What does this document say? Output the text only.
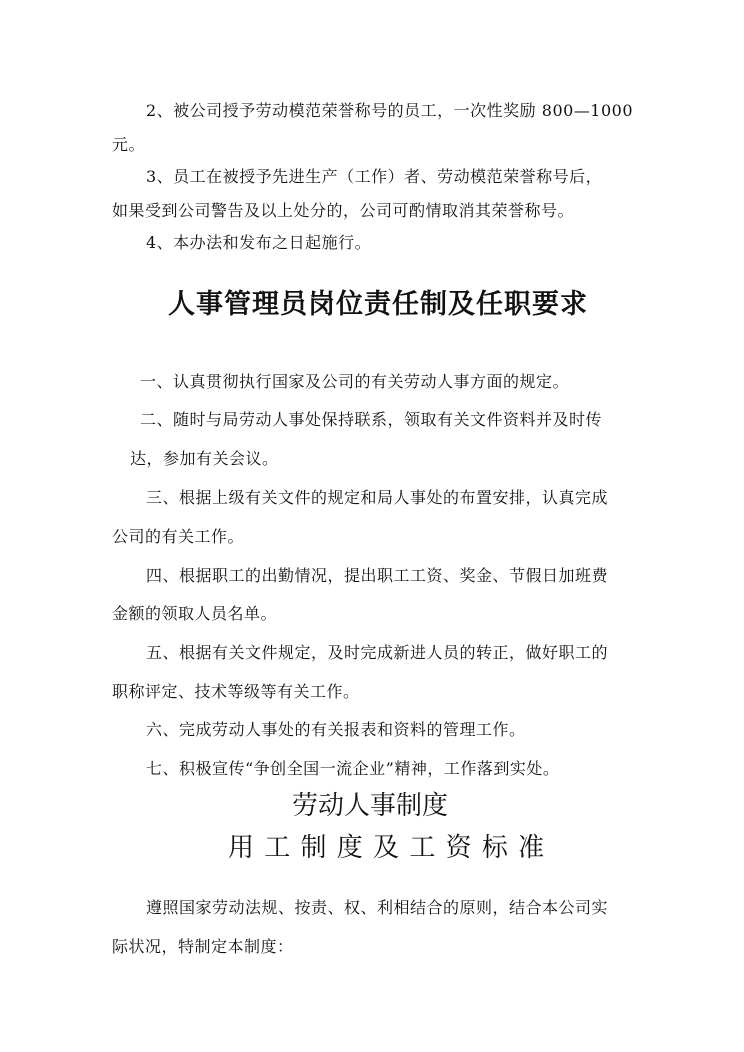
2、被公司授予劳动模范荣誉称号的员工，一次性奖励 800—1000
元。
3、员工在被授予先进生产（工作）者、劳动模范荣誉称号后，
如果受到公司警告及以上处分的，公司可酌情取消其荣誉称号。
4、本办法和发布之日起施行。
人事管理员岗位责任制及任职要求
一、认真贯彻执行国家及公司的有关劳动人事方面的规定。
二、随时与局劳动人事处保持联系，领取有关文件资料并及时传
达，参加有关会议。
三、根据上级有关文件的规定和局人事处的布置安排，认真完成
公司的有关工作。
四、根据职工的出勤情况，提出职工工资、奖金、节假日加班费
金额的领取人员名单。
五、根据有关文件规定，及时完成新进人员的转正，做好职工的
职称评定、技术等级等有关工作。
六、完成劳动人事处的有关报表和资料的管理工作。
七、积极宣传“争创全国一流企业”精神，工作落到实处。
劳动人事制度
用 工 制 度 及 工 资 标 准
遵照国家劳动法规、按责、权、利相结合的原则，结合本公司实
际状况，特制定本制度：
